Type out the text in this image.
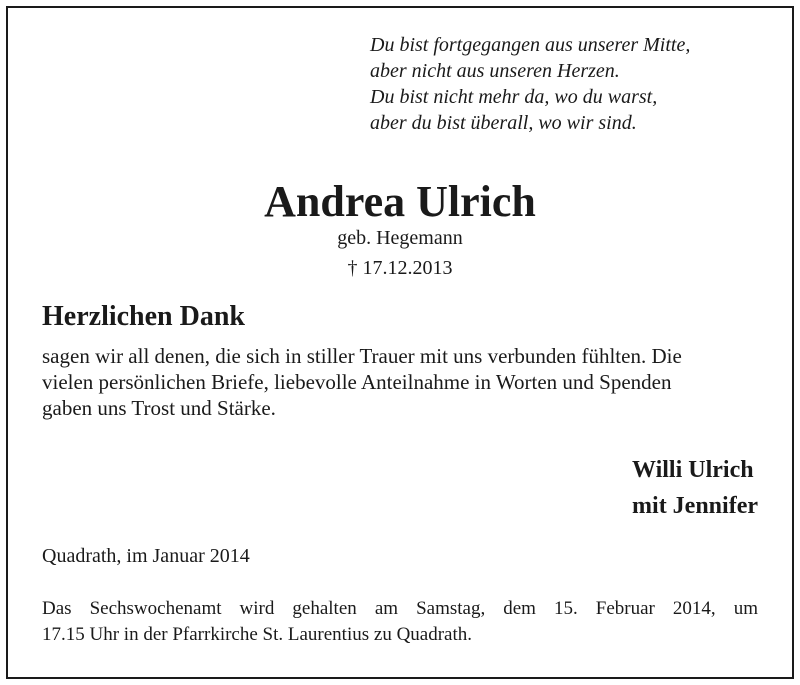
Du bist fortgegangen aus unserer Mitte,
aber nicht aus unseren Herzen.
Du bist nicht mehr da, wo du warst,
aber du bist überall, wo wir sind.
Andrea Ulrich
geb. Hegemann
† 17.12.2013
Herzlichen Dank
sagen wir all denen, die sich in stiller Trauer mit uns verbunden fühlten. Die
vielen persönlichen Briefe, liebevolle Anteilnahme in Worten und Spenden
gaben uns Trost und Stärke.
Willi Ulrich
mit Jennifer
Quadrath, im Januar 2014
Das Sechswochenamt wird gehalten am Samstag, dem 15. Februar 2014, um
17.15 Uhr in der Pfarrkirche St. Laurentius zu Quadrath.
